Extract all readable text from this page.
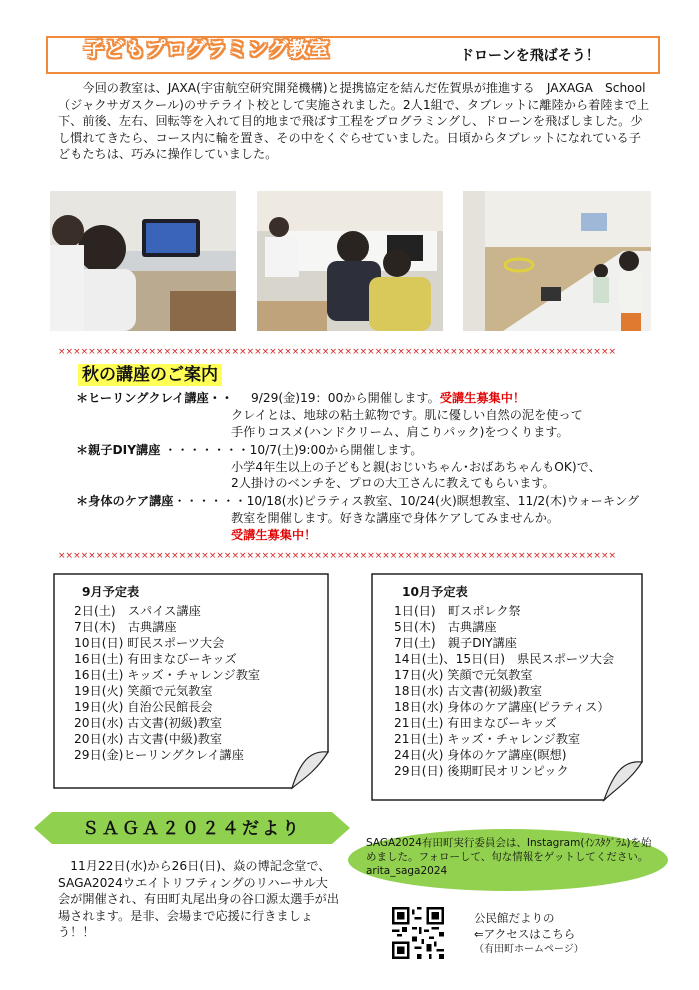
子どもプログラミング教室	ドローンを飛ばそう！

今回の教室は、JAXA(宇宙航空研究開発機構)と提携協定を結んだ佐賀県が推進する　JAXAGA　School（ジャクサガスクール)のサテライト校として実施されました。2人1組で、タブレットに離陸から着陸まで上下、前後、左右、回転等を入れて目的地まで飛ばす工程をプログラミングし、ドローンを飛ばしました。少し慣れてきたら、コース内に輪を置き、その中をくぐらせていました。日頃からタブレットになれている子どもたちは、巧みに操作していました。

××××××××××××××××××××××××××××××××××××××××××××××××××××××××××××××××××××××××××
秋の講座のご案内
＊ヒーリングクレイ講座・・ 9/29(金)19：00から開催します。受講生募集中！
クレイとは、地球の粘土鉱物です。肌に優しい自然の泥を使って
手作りコスメ(ハンドクリーム、肩こりパック)をつくります。
＊親子DIY講座 ・・・・・・・10/7(土)9:00から開催します。
小学4年生以上の子どもと親(おじいちゃん･おばあちゃんもOK)で、
2人掛けのベンチを、プロの大工さんに教えてもらいます。
＊身体のケア講座・・・・・・10/18(水)ピラティス教室、10/24(火)瞑想教室、11/2(木)ウォーキング
教室を開催します。好きな講座で身体ケアしてみませんか。
受講生募集中！
××××××××××××××××××××××××××××××××××××××××××××××××××××××××××××××××××××××××××
9月予定表
2日(土)　スパイス講座
7日(木)　古典講座
10日(日) 町民スポーツ大会
16日(土) 有田まなびーキッズ
16日(土) キッズ・チャレンジ教室
19日(火) 笑顔で元気教室
19日(火) 自治公民館長会
20日(水) 古文書(初級)教室
20日(水) 古文書(中級)教室
29日(金)ヒーリングクレイ講座
10月予定表
1日(日)　町スポレク祭
5日(木)　古典講座
7日(土)　親子DIY講座
14日(土)、15日(日)　県民スポーツ大会
17日(火) 笑顔で元気教室
18日(水) 古文書(初級)教室
18日(水) 身体のケア講座(ピラティス）
21日(土) 有田まなびーキッズ
21日(土) キッズ・チャレンジ教室
24日(火) 身体のケア講座(瞑想)
29日(日) 後期町民オリンピック
ＳＡＧＡ２０２４だより

11月22日(水)から26日(日)、焱の博記念堂で、SAGA2024ウエイトリフティングのリハーサル大会が開催され、有田町丸尾出身の谷口源太選手が出場されます。是非、会場まで応援に行きましょう！！

SAGA2024有田町実行委員会は、Instagram(ｲﾝｽﾀｸﾞﾗﾑ)を始めました。フォローして、旬な情報をゲットしてください。　　arita_saga2024
公民館だよりの
⇐アクセスはこちら
（有田町ホームページ）
